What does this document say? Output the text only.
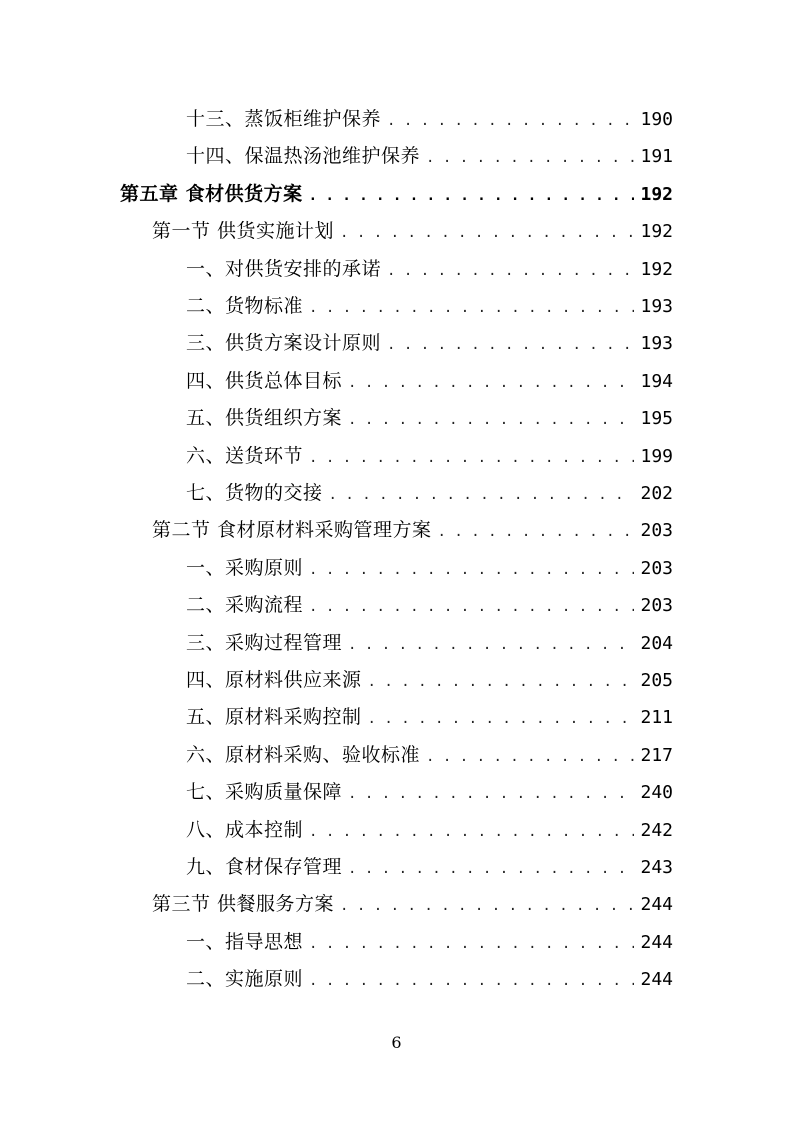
十三、蒸饭柜维护保养 . . .	190
十四、保温热汤池维护保养 . . .	191
第五章 食材供货方案 . . .	192
第一节 供货实施计划 . . .	192
一、对供货安排的承诺 . . .	192
二、货物标准 . . .	193
三、供货方案设计原则 . . .	193
四、供货总体目标 . . .	194
五、供货组织方案 . . .	195
六、送货环节 . . .	199
七、货物的交接 . . .	202
第二节 食材原材料采购管理方案 . . .	203
一、采购原则 . . .	203
二、采购流程 . . .	203
三、采购过程管理 . . .	204
四、原材料供应来源 . . .	205
五、原材料采购控制 . . .	211
六、原材料采购、验收标准 . . .	217
七、采购质量保障 . . .	240
八、成本控制 . . .	242
九、食材保存管理 . . .	243
第三节 供餐服务方案 . . .	244
一、指导思想 . . .	244
二、实施原则 . . .	244
6
